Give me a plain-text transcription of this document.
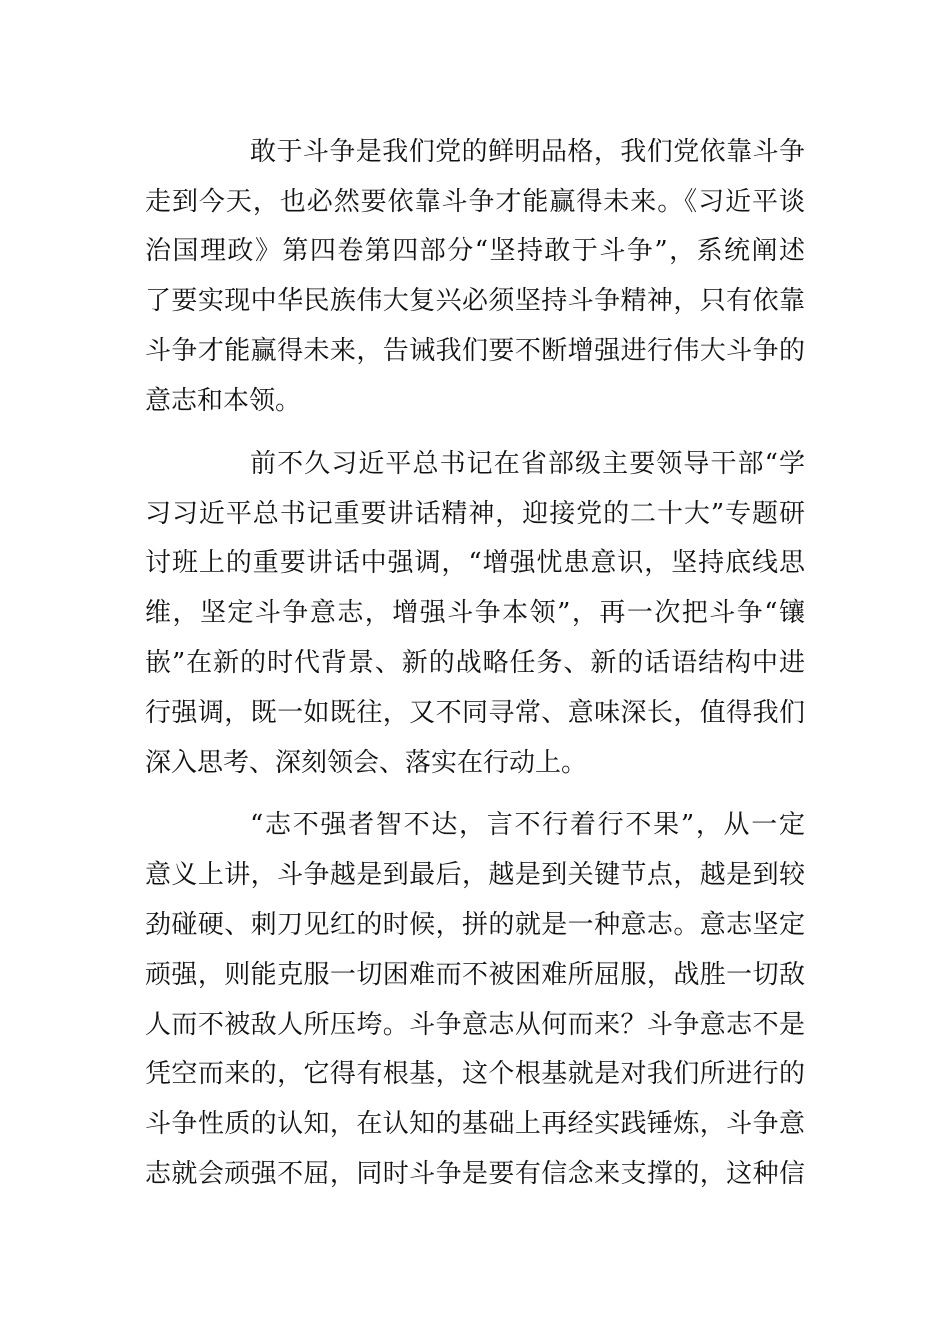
敢于斗争是我们党的鲜明品格，我们党依靠斗争
走到今天，也必然要依靠斗争才能赢得未来。《习近平谈
治国理政》第四卷第四部分“坚持敢于斗争”，系统阐述
了要实现中华民族伟大复兴必须坚持斗争精神，只有依靠
斗争才能赢得未来，告诫我们要不断增强进行伟大斗争的
意志和本领。
前不久习近平总书记在省部级主要领导干部“学
习习近平总书记重要讲话精神，迎接党的二十大”专题研
讨班上的重要讲话中强调，“增强忧患意识，坚持底线思
维，坚定斗争意志，增强斗争本领”，再一次把斗争“镶
嵌”在新的时代背景、新的战略任务、新的话语结构中进
行强调，既一如既往，又不同寻常、意味深长，值得我们
深入思考、深刻领会、落实在行动上。
“志不强者智不达，言不行着行不果”，从一定
意义上讲，斗争越是到最后，越是到关键节点，越是到较
劲碰硬、刺刀见红的时候，拼的就是一种意志。意志坚定
顽强，则能克服一切困难而不被困难所屈服，战胜一切敌
人而不被敌人所压垮。斗争意志从何而来？斗争意志不是
凭空而来的，它得有根基，这个根基就是对我们所进行的
斗争性质的认知，在认知的基础上再经实践锤炼，斗争意
志就会顽强不屈，同时斗争是要有信念来支撑的，这种信
